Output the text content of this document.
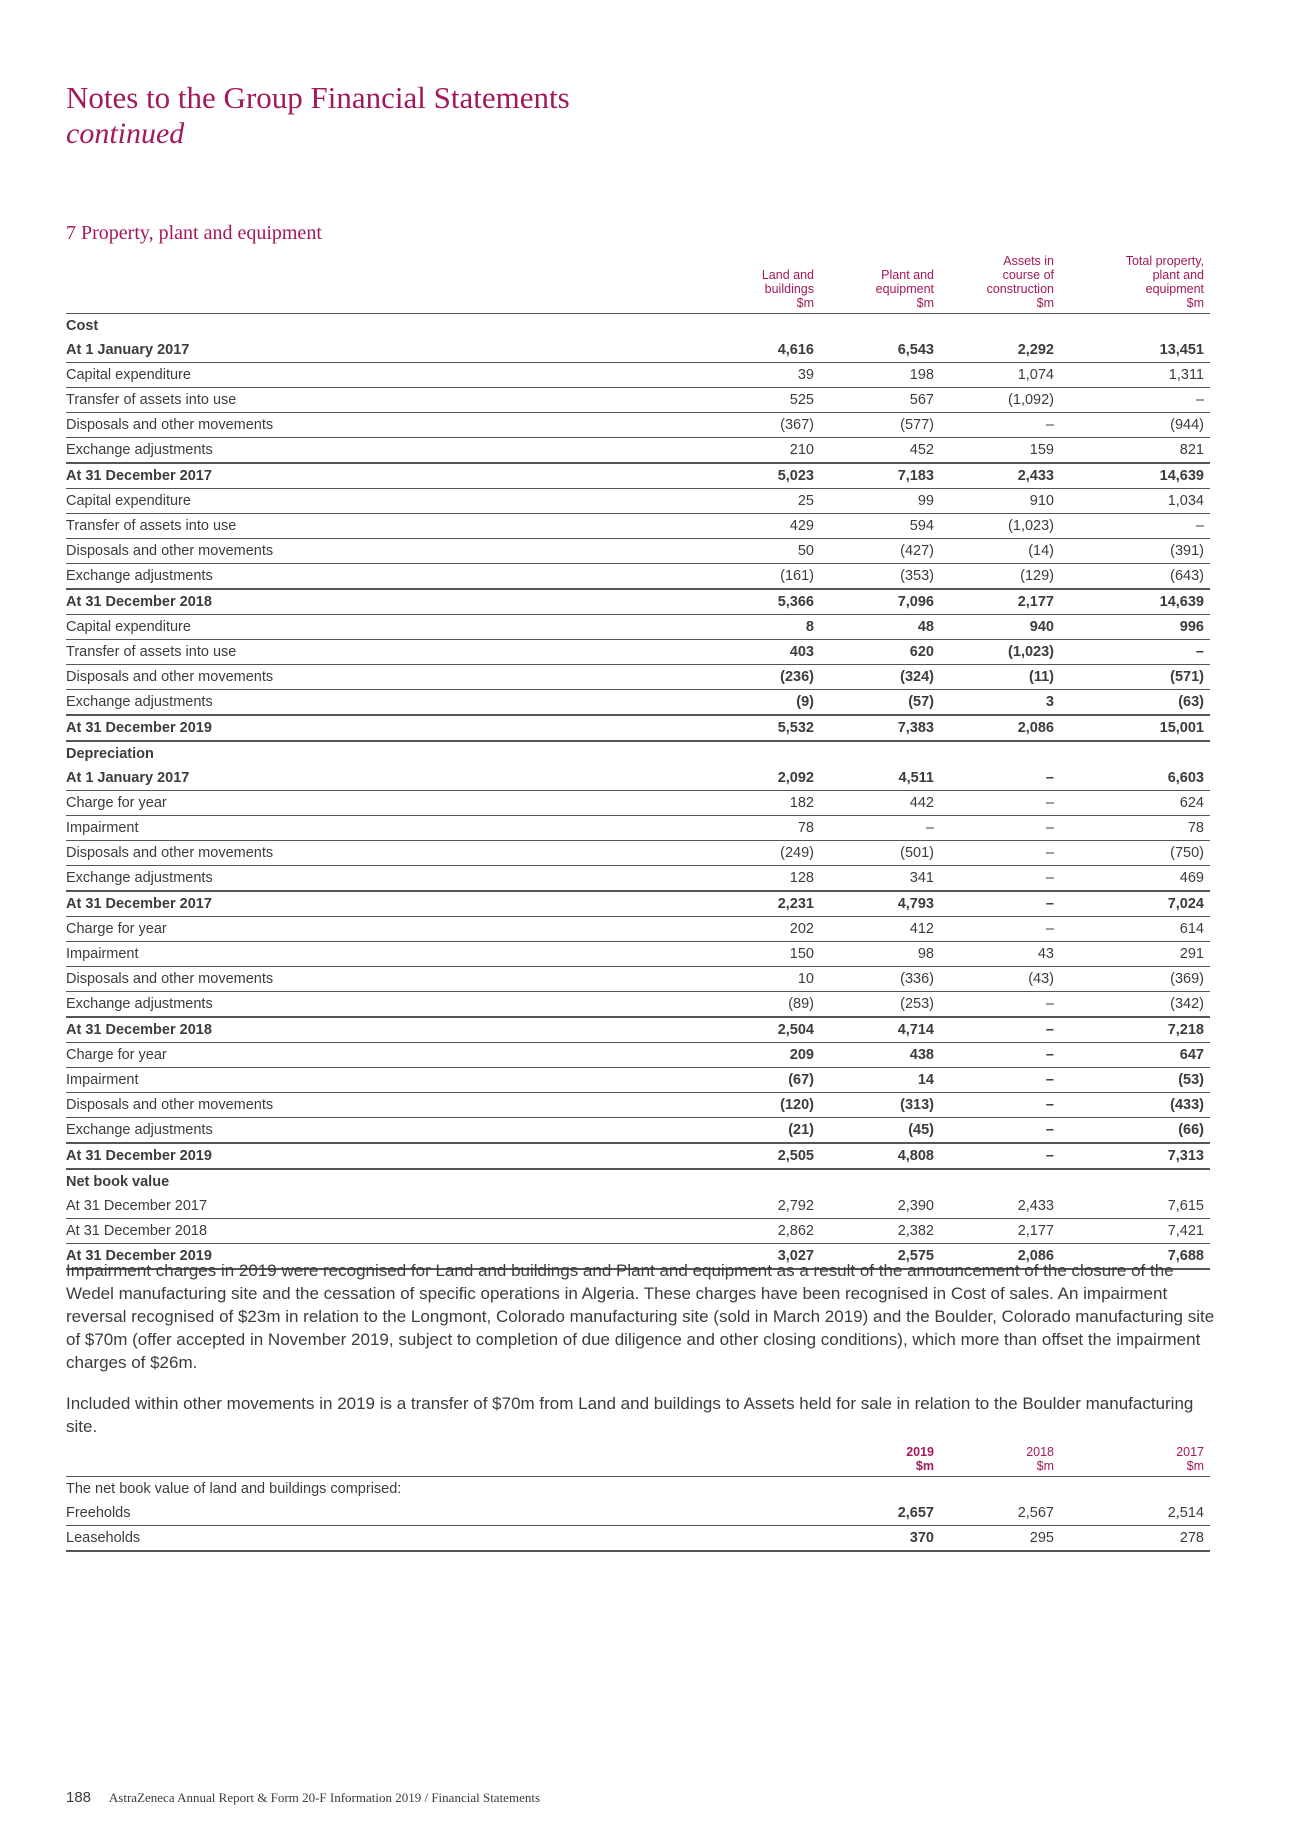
Notes to the Group Financial Statements
continued
7 Property, plant and equipment
	Land and
buildings
$m	Plant and
equipment
$m	Assets in
course of
construction
$m	Total property,
plant and
equipment
$m
Cost				
At 1 January 2017	4,616	6,543	2,292	13,451
Capital expenditure	39	198	1,074	1,311
Transfer of assets into use	525	567	(1,092)	–
Disposals and other movements	(367)	(577)	–	(944)
Exchange adjustments	210	452	159	821
At 31 December 2017	5,023	7,183	2,433	14,639
Capital expenditure	25	99	910	1,034
Transfer of assets into use	429	594	(1,023)	–
Disposals and other movements	50	(427)	(14)	(391)
Exchange adjustments	(161)	(353)	(129)	(643)
At 31 December 2018	5,366	7,096	2,177	14,639
Capital expenditure	8	48	940	996
Transfer of assets into use	403	620	(1,023)	–
Disposals and other movements	(236)	(324)	(11)	(571)
Exchange adjustments	(9)	(57)	3	(63)
At 31 December 2019	5,532	7,383	2,086	15,001
Depreciation				
At 1 January 2017	2,092	4,511	–	6,603
Charge for year	182	442	–	624
Impairment	78	–	–	78
Disposals and other movements	(249)	(501)	–	(750)
Exchange adjustments	128	341	–	469
At 31 December 2017	2,231	4,793	–	7,024
Charge for year	202	412	–	614
Impairment	150	98	43	291
Disposals and other movements	10	(336)	(43)	(369)
Exchange adjustments	(89)	(253)	–	(342)
At 31 December 2018	2,504	4,714	–	7,218
Charge for year	209	438	–	647
Impairment	(67)	14	–	(53)
Disposals and other movements	(120)	(313)	–	(433)
Exchange adjustments	(21)	(45)	–	(66)
At 31 December 2019	2,505	4,808	–	7,313
Net book value				
At 31 December 2017	2,792	2,390	2,433	7,615
At 31 December 2018	2,862	2,382	2,177	7,421
At 31 December 2019	3,027	2,575	2,086	7,688
Impairment charges in 2019 were recognised for Land and buildings and Plant and equipment as a result of the announcement of the closure of the Wedel manufacturing site and the cessation of specific operations in Algeria. These charges have been recognised in Cost of sales. An impairment reversal recognised of $23m in relation to the Longmont, Colorado manufacturing site (sold in March 2019) and the Boulder, Colorado manufacturing site of $70m (offer accepted in November 2019, subject to completion of due diligence and other closing conditions), which more than offset the impairment charges of $26m.
Included within other movements in 2019 is a transfer of $70m from Land and buildings to Assets held for sale in relation to the Boulder manufacturing site.
	2019
$m	2018
$m	2017
$m
The net book value of land and buildings comprised:			
Freeholds	2,657	2,567	2,514
Leaseholds	370	295	278
188 AstraZeneca Annual Report & Form 20-F Information 2019 / Financial Statements
